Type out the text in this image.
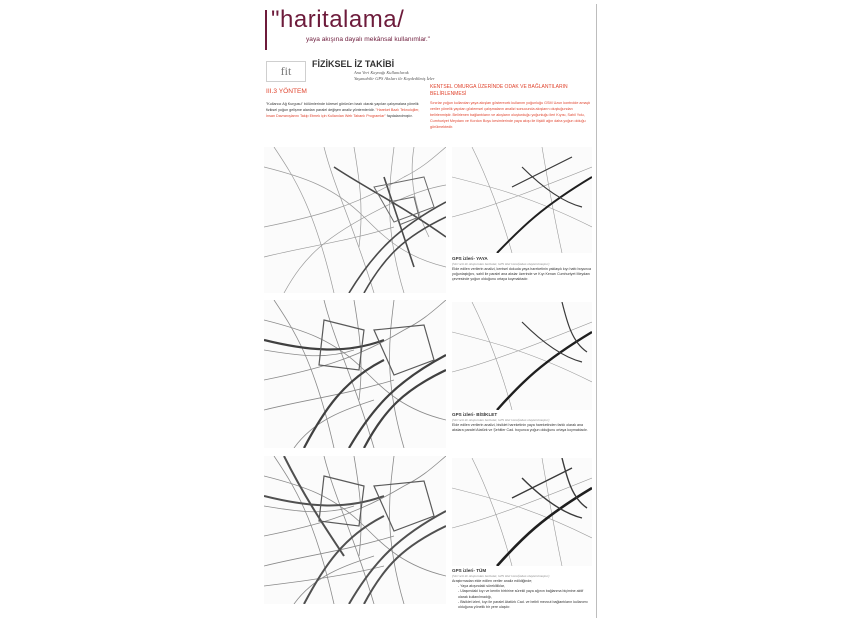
"haritalama/
yaya akışına dayalı mekânsal kullanımlar."
fit	FİZİKSEL İZ TAKİBİ
Ana Veri Kaynağı Kullanılarak
Yaşanabilir GPS Aksları ile Kaydedilmiş İzler
III.3 YÖNTEM

"Kullanıcı Ağ Kurgusu" bölümlerinde küresel görünüm bazlı olarak yapılan çalışmalara yönelik fiziksel yoğun gelişme alanları paralel değişen analiz yöntemleridir. "Hareket Bazlı Teknolojiler, İnsan Davranışlarını Takip Etmek için Kullanılan Web Tabanlı Programlar" faydalanılmıştır.

KENTSEL OMURGA ÜZERİNDE ODAK VE BAĞLANTILARIN BELİRLENMESİ

Sınırlar yoğun kullanılan yaya akışları gösterecek kullanım yoğunluğu GSM Uzun kontrolde amaçlı veriler yönelik yapılan gözlemsel çalışmaların analizi sonucunda akışların oluştuğundan belirlenmiştir. Belirlenen bağlantıların ve akışların oluşturduğu yoğunluğu ileri Kıyısı, Sahil Yolu, Cumhuriyet Meydanı ve Kordon Boyu kesimlerinde yaya akışı ile ilişkili ağın daha yoğun olduğu görülmektedir.

GPS izleri- YAYA
(Veri seti ile oluşturulan haritalar, GPS izleri tarafından oluşturulmuştur)
Elde edilen verilerin analizi, kentsel dokuda yaya hareketinin yaklaşık kıyı hattı boyunca yoğunlaştığını, sahil ile paralel ana akslar üzerinde ve Kıyı Kenarı Cumhuriyet Meydanı çevresinde yoğun olduğunu ortaya koymaktadır.
GPS izleri- BİSİKLET
(Veri seti ile oluşturulan haritalar, GPS izleri tarafından oluşturulmuştur)
Elde edilen verilerin analizi, bisiklet hareketinin yaya hareketinden farklı olarak ana akslara paralel Atatürk ve Şehitler Cad. boyunca yoğun olduğunu ortaya koymaktadır.
GPS izleri- TÜM
(Veri seti ile oluşturulan haritalar, GPS izleri tarafından oluşturulmuştur)
Araştırmadan elde edilen veriler analiz edildiğinde;
- Yaya akışındaki sürekliliklar,
- Ulaşımdaki kıyı ve kentin birbirine sürekli yaya ağının bağlanma biçimine aktif olarak kullanılmadığı,
- Bisiklet izleri, kıyı ile paralel Atatürk Cad. ve belirli mevcut bağlantıların kullanımı olduğuna yönelik bir yere ulaşılır.
